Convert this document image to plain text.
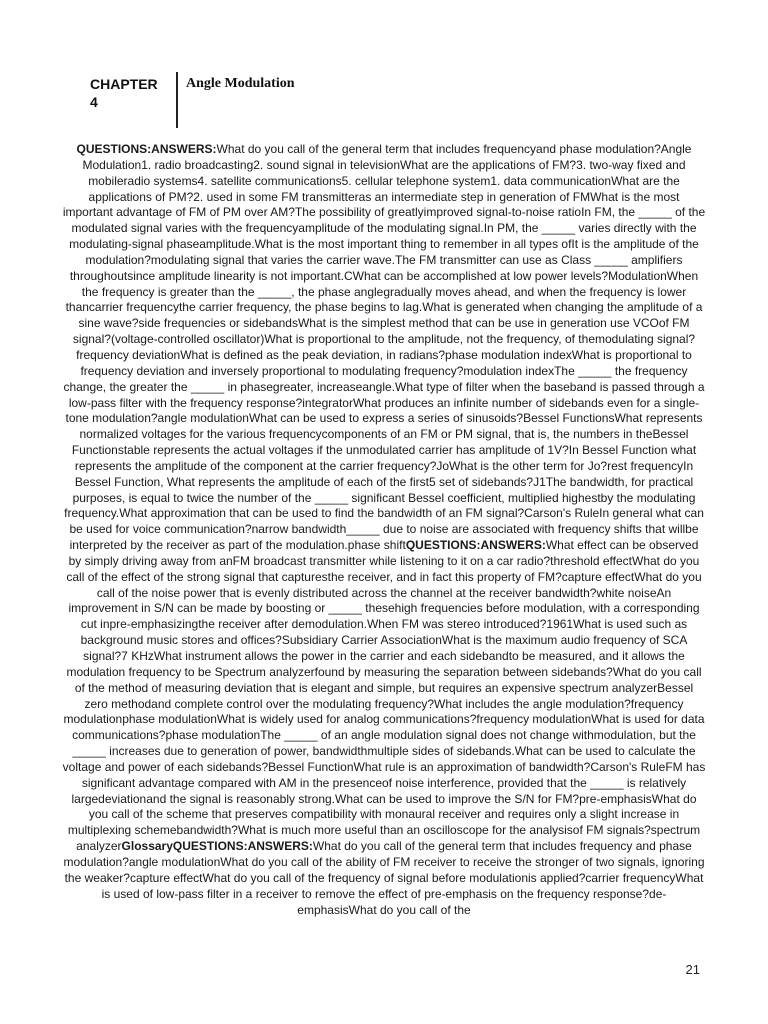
CHAPTER 4
Angle Modulation
QUESTIONS:ANSWERS:What do you call of the general term that includes frequencyand phase modulation?Angle Modulation1. radio broadcasting2. sound signal in televisionWhat are the applications of FM?3. two-way fixed and mobileradio systems4. satellite communications5. cellular telephone system1. data communicationWhat are the applications of PM?2. used in some FM transmitteras an intermediate step in generation of FMWhat is the most important advantage of FM of PM over AM?The possibility of greatlyimproved signal-to-noise ratioIn FM, the _____ of the modulated signal varies with the frequencyamplitude of the modulating signal.In PM, the _____ varies directly with the modulating-signal phaseamplitude.What is the most important thing to remember in all types ofIt is the amplitude of the modulation?modulating signal that varies the carrier wave.The FM transmitter can use as Class _____ amplifiers throughoutsince amplitude linearity is not important.CWhat can be accomplished at low power levels?ModulationWhen the frequency is greater than the _____, the phase anglegradually moves ahead, and when the frequency is lower thancarrier frequencythe carrier frequency, the phase begins to lag.What is generated when changing the amplitude of a sine wave?side frequencies or sidebandsWhat is the simplest method that can be use in generation use VCOof FM signal?(voltage-controlled oscillator)What is proportional to the amplitude, not the frequency, of themodulating signal?frequency deviationWhat is defined as the peak deviation, in radians?phase modulation indexWhat is proportional to frequency deviation and inversely proportional to modulating frequency?modulation indexThe _____ the frequency change, the greater the _____ in phasegreater, increaseangle.What type of filter when the baseband is passed through a low-pass filter with the frequency response?integratorWhat produces an infinite number of sidebands even for a single-tone modulation?angle modulationWhat can be used to express a series of sinusoids?Bessel FunctionsWhat represents normalized voltages for the various frequencycomponents of an FM or PM signal, that is, the numbers in theBessel Functionstable represents the actual voltages if the unmodulated carrier has amplitude of 1V?In Bessel Function what represents the amplitude of the component at the carrier frequency?JoWhat is the other term for Jo?rest frequencyIn Bessel Function, What represents the amplitude of each of the first5 set of sidebands?J1The bandwidth, for practical purposes, is equal to twice the number of the _____ significant Bessel coefficient, multiplied highestby the modulating frequency.What approximation that can be used to find the bandwidth of an FM signal?Carson's RuleIn general what can be used for voice communication?narrow bandwidth_____ due to noise are associated with frequency shifts that willbe interpreted by the receiver as part of the modulation.phase shiftQUESTIONS:ANSWERS:What effect can be observed by simply driving away from anFM broadcast transmitter while listening to it on a car radio?threshold effectWhat do you call of the effect of the strong signal that capturesthe receiver, and in fact this property of FM?capture effectWhat do you call of the noise power that is evenly distributed across the channel at the receiver bandwidth?white noiseAn improvement in S/N can be made by boosting or _____ thesehigh frequencies before modulation, with a corresponding cut inpre-emphasizingthe receiver after demodulation.When FM was stereo introduced?1961What is used such as background music stores and offices?Subsidiary Carrier AssociationWhat is the maximum audio frequency of SCA signal?7 KHzWhat instrument allows the power in the carrier and each sidebandto be measured, and it allows the modulation frequency to be Spectrum analyzerfound by measuring the separation between sidebands?What do you call of the method of measuring deviation that is elegant and simple, but requires an expensive spectrum analyzerBessel zero methodand complete control over the modulating frequency?What includes the angle modulation?frequency modulationphase modulationWhat is widely used for analog communications?frequency modulationWhat is used for data communications?phase modulationThe _____ of an angle modulation signal does not change withmodulation, but the _____ increases due to generation of power, bandwidthmultiple sides of sidebands.What can be used to calculate the voltage and power of each sidebands?Bessel FunctionWhat rule is an approximation of bandwidth?Carson's RuleFM has significant advantage compared with AM in the presenceof noise interference, provided that the _____ is relatively largedeviationand the signal is reasonably strong.What can be used to improve the S/N for FM?pre-emphasisWhat do you call of the scheme that preserves compatibility with monaural receiver and requires only a slight increase in multiplexing schemebandwidth?What is much more useful than an oscilloscope for the analysisof FM signals?spectrum analyzerGlossaryQUESTIONS:ANSWERS:What do you call of the general term that includes frequency and phase modulation?angle modulationWhat do you call of the ability of FM receiver to receive the stronger of two signals, ignoring the weaker?capture effectWhat do you call of the frequency of signal before modulationis applied?carrier frequencyWhat is used of low-pass filter in a receiver to remove the effect of pre-emphasis on the frequency response?de-emphasisWhat do you call of the
21
